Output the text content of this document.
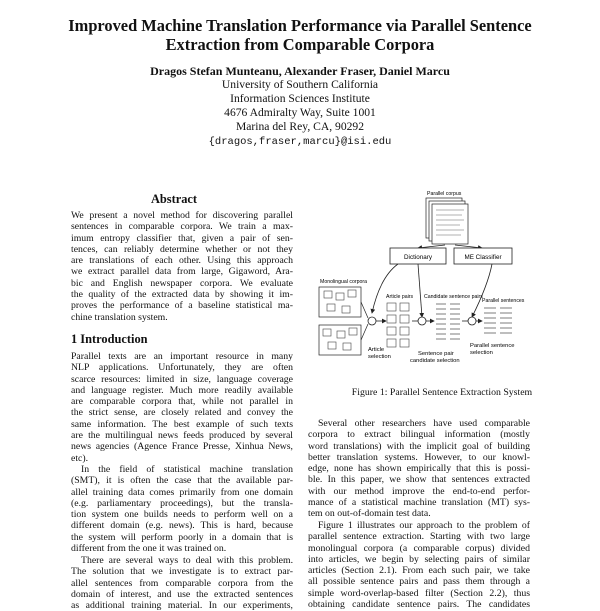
Improved Machine Translation Performance via Parallel Sentence
Extraction from Comparable Corpora
Dragos Stefan Munteanu, Alexander Fraser, Daniel Marcu
University of Southern California
Information Sciences Institute
4676 Admiralty Way, Suite 1001
Marina del Rey, CA, 90292
{dragos,fraser,marcu}@isi.edu
Abstract
We present a novel method for discovering parallel
sentences in comparable corpora. We train a max-
imum entropy classifier that, given a pair of sen-
tences, can reliably determine whether or not they
are translations of each other. Using this approach
we extract parallel data from large, Gigaword, Ara-
bic and English newspaper corpora. We evaluate
the quality of the extracted data by showing it im-
proves the performance of a baseline statistical ma-
chine translation system.
1 Introduction
Parallel texts are an important resource in many
NLP applications. Unfortunately, they are often
scarce resources: limited in size, language coverage
and language register. Much more readily available
are comparable corpora that, while not parallel in
the strict sense, are closely related and convey the
same information. The best example of such texts
are the multilingual news feeds produced by several
news agencies (Agence France Presse, Xinhua News,
etc).
In the field of statistical machine translation
(SMT), it is often the case that the available par-
allel training data comes primarily from one domain
(e.g. parliamentary proceedings), but the transla-
tion system one builds needs to perform well on a
different domain (e.g. news). This is hard, because
the system will perform poorly in a domain that is
different from the one it was trained on.
There are several ways to deal with this problem.
The solution that we investigate is to extract par-
allel sentences from comparable corpora from the
domain of interest, and use the extracted sentences
as additional training material. In our experiments,
Parallel corpus
Dictionary	ME Classifier
Monolingual corpora
Article
selection
Article pairs
Sentence pair
candidate selection
Candidate sentence pairs
Parallel sentence
selection
Parallel sentences
Figure 1: Parallel Sentence Extraction System
Several other researchers have used comparable
corpora to extract bilingual information (mostly
word translations) with the implicit goal of building
better translation systems. However, to our knowl-
edge, none has shown empirically that this is possi-
ble. In this paper, we show that sentences extracted
with our method improve the end-to-end perfor-
mance of a statistical machine translation (MT) sys-
tem on out-of-domain test data.
Figure 1 illustrates our approach to the problem of
parallel sentence extraction. Starting with two large
monolingual corpora (a comparable corpus) divided
into articles, we begin by selecting pairs of similar
articles (Section 2.1). From each such pair, we take
all possible sentence pairs and pass them through a
simple word-overlap-based filter (Section 2.2), thus
obtaining candidate sentence pairs. The candidates
